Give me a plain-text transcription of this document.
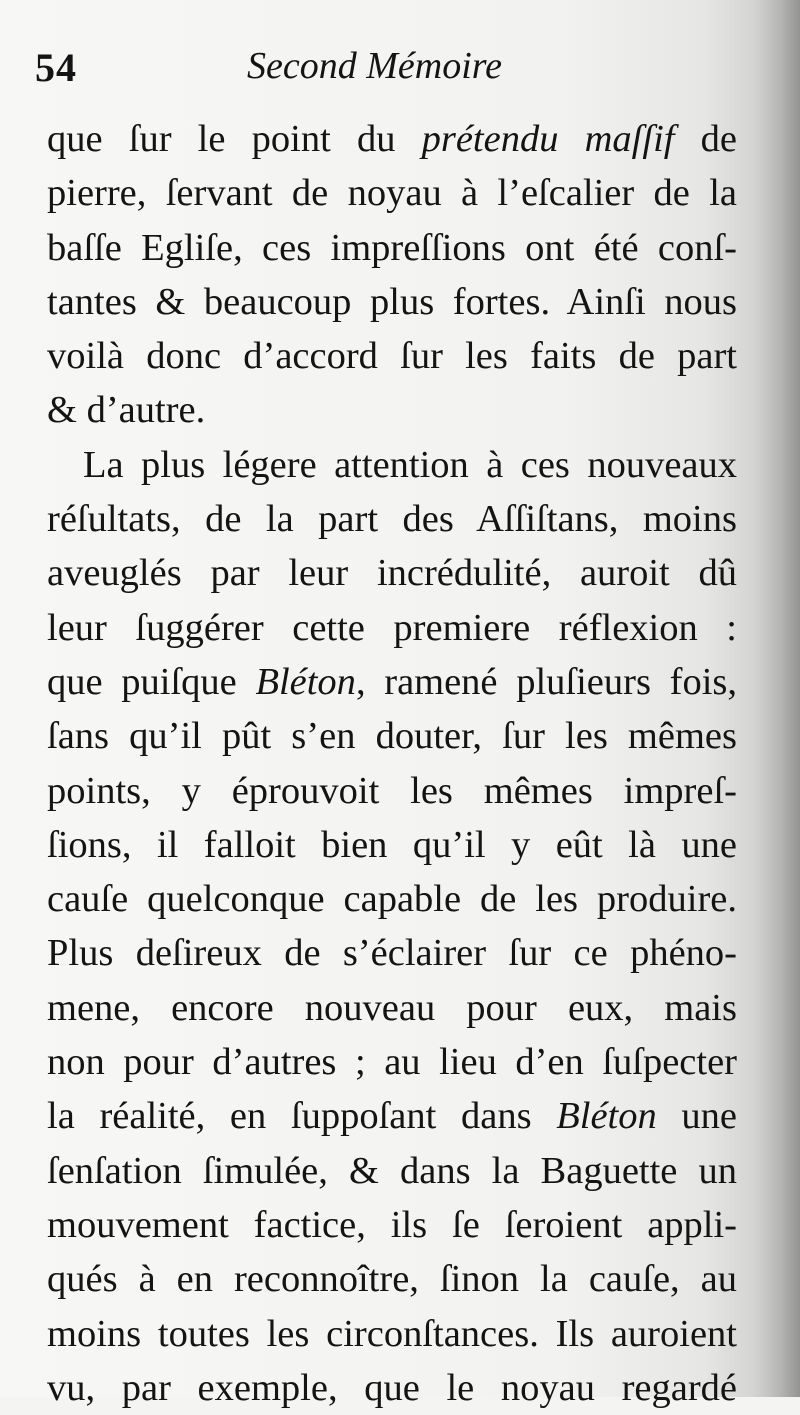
54	Second Mémoire
que ſur le point du prétendu maſſif de
pierre, ſervant de noyau à l’eſcalier de la
baſſe Egliſe, ces impreſſions ont été conſ-
tantes & beaucoup plus fortes. Ainſi nous
voilà donc d’accord ſur les faits de part
& d’autre.
La plus légere attention à ces nouveaux
réſultats, de la part des Aſſiſtans, moins
aveuglés par leur incrédulité, auroit dû
leur ſuggérer cette premiere réflexion :
que puiſque Bléton, ramené pluſieurs fois,
ſans qu’il pût s’en douter, ſur les mêmes
points, y éprouvoit les mêmes impreſ-
ſions, il falloit bien qu’il y eût là une
cauſe quelconque capable de les produire.
Plus deſireux de s’éclairer ſur ce phéno-
mene, encore nouveau pour eux, mais
non pour d’autres ; au lieu d’en ſuſpecter
la réalité, en ſuppoſant dans Bléton une
ſenſation ſimulée, & dans la Baguette un
mouvement factice, ils ſe ſeroient appli-
qués à en reconnoître, ſinon la cauſe, au
moins toutes les circonſtances. Ils auroient
vu, par exemple, que le noyau regardé
